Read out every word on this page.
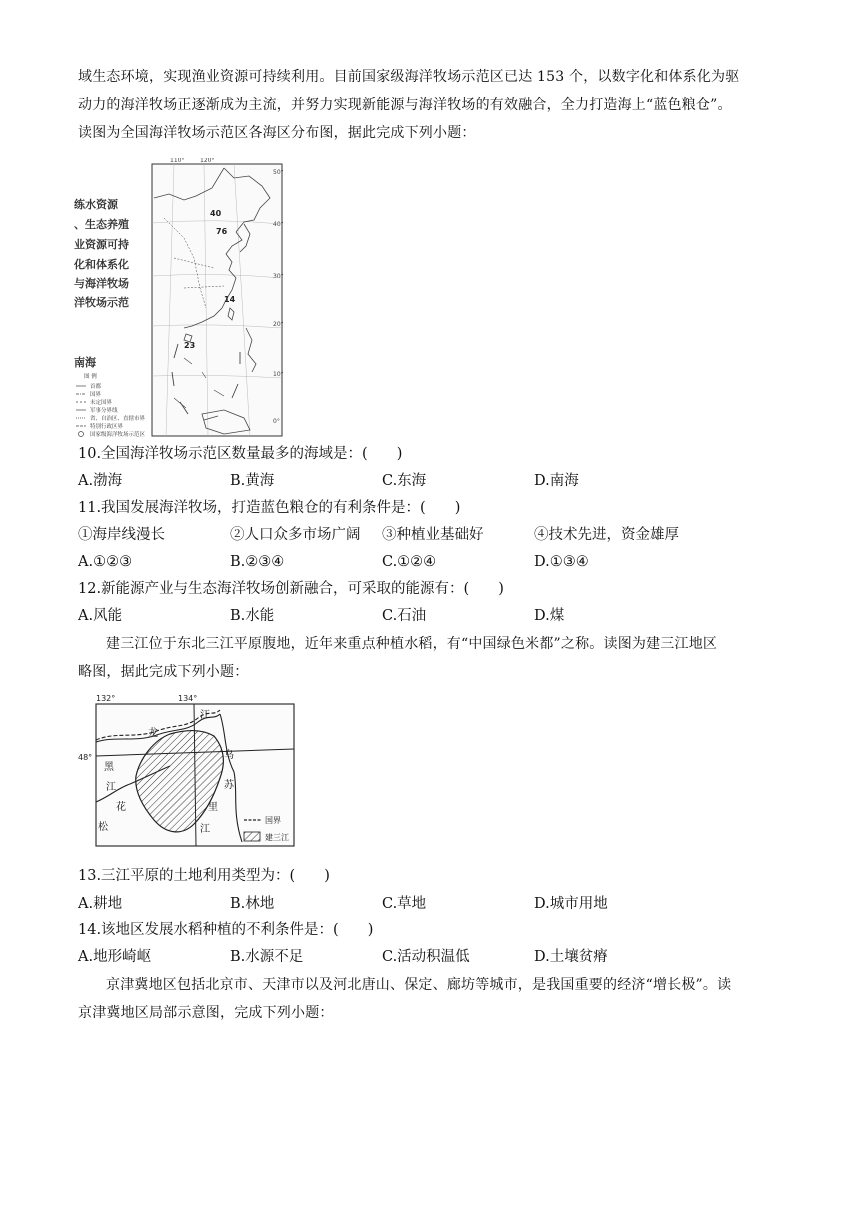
域生态环境，实现渔业资源可持续利用。目前国家级海洋牧场示范区已达 153 个，以数字化和体系化为驱

动力的海洋牧场正逐渐成为主流，并努力实现新能源与海洋牧场的有效融合，全力打造海上“蓝色粮仓”。

读图为全国海洋牧场示范区各海区分布图，据此完成下列小题：

练水资源
、生态养殖
业资源可持
化和体系化
与海洋牧场
洋牧场示范
南海
图 例
首都
国界
未定国界
军事分界线
省、自治区、直辖市界
特别行政区界
国家级海洋牧场示范区
110°	120°
50°
40°
30°
20°
10°
0°
40
76
14
23

10.全国海洋牧场示范区数量最多的海域是：(　　)

A.渤海	B.黄海	C.东海	D.南海

11.我国发展海洋牧场，打造蓝色粮仓的有利条件是：(　　)

①海岸线漫长	②人口众多市场广阔	③种植业基础好	④技术先进，资金雄厚
A.①②③	B.②③④	C.①②④	D.①③④

12.新能源产业与生态海洋牧场创新融合，可采取的能源有：(　　)

A.风能	B.水能	C.石油	D.煤

建三江位于东北三江平原腹地，近年来重点种植水稻，有“中国绿色米都”之称。读图为建三江地区

略图，据此完成下列小题：

132°	134°
48°
龙
江
黑
江
花
松
乌
苏
里
江
国界
建三江

13.三江平原的土地利用类型为：(　　)

A.耕地	B.林地	C.草地	D.城市用地

14.该地区发展水稻种植的不利条件是：(　　)

A.地形崎岖	B.水源不足	C.活动积温低	D.土壤贫瘠

京津冀地区包括北京市、天津市以及河北唐山、保定、廊坊等城市，是我国重要的经济“增长极”。读

京津冀地区局部示意图，完成下列小题：
